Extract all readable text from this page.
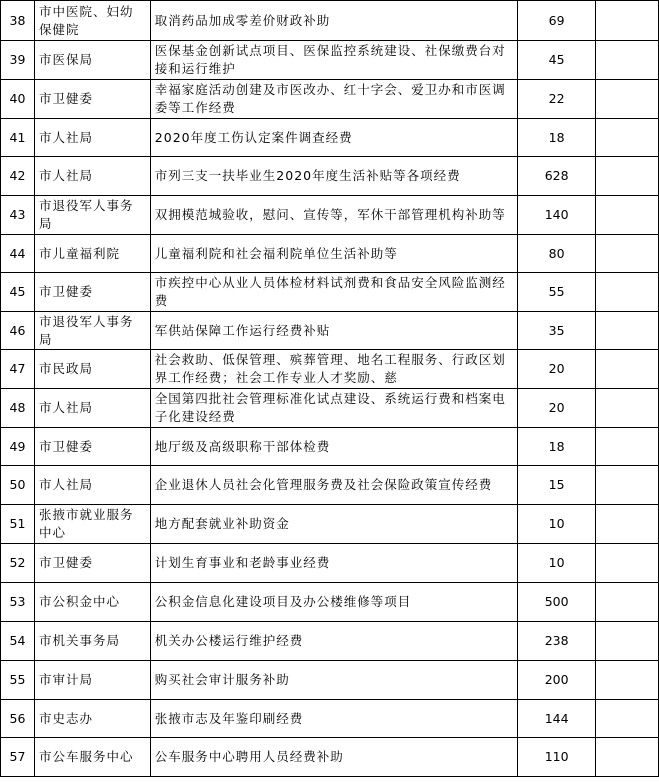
38	市中医院、妇幼保健院	取消药品加成零差价财政补助	69	
39	市医保局	医保基金创新试点项目、医保监控系统建设、社保缴费台对接和运行维护	45	
40	市卫健委	幸福家庭活动创建及市医改办、红十字会、爱卫办和市医调委等工作经费	22	
41	市人社局	2020年度工伤认定案件调查经费	18	
42	市人社局	市列三支一扶毕业生2020年度生活补贴等各项经费	628	
43	市退役军人事务局	双拥模范城验收，慰问、宣传等，军休干部管理机构补助等	140	
44	市儿童福利院	儿童福利院和社会福利院单位生活补助等	80	
45	市卫健委	市疾控中心从业人员体检材料试剂费和食品安全风险监测经费	55	
46	市退役军人事务局	军供站保障工作运行经费补贴	35	
47	市民政局	社会救助、低保管理、殡葬管理、地名工程服务、行政区划界工作经费；社会工作专业人才奖励、慈	20	
48	市人社局	全国第四批社会管理标准化试点建设、系统运行费和档案电子化建设经费	20	
49	市卫健委	地厅级及高级职称干部体检费	18	
50	市人社局	企业退休人员社会化管理服务费及社会保险政策宣传经费	15	
51	张掖市就业服务中心	地方配套就业补助资金	10	
52	市卫健委	计划生育事业和老龄事业经费	10	
53	市公积金中心	公积金信息化建设项目及办公楼维修等项目	500	
54	市机关事务局	机关办公楼运行维护经费	238	
55	市审计局	购买社会审计服务补助	200	
56	市史志办	张掖市志及年鉴印刷经费	144	
57	市公车服务中心	公车服务中心聘用人员经费补助	110	
